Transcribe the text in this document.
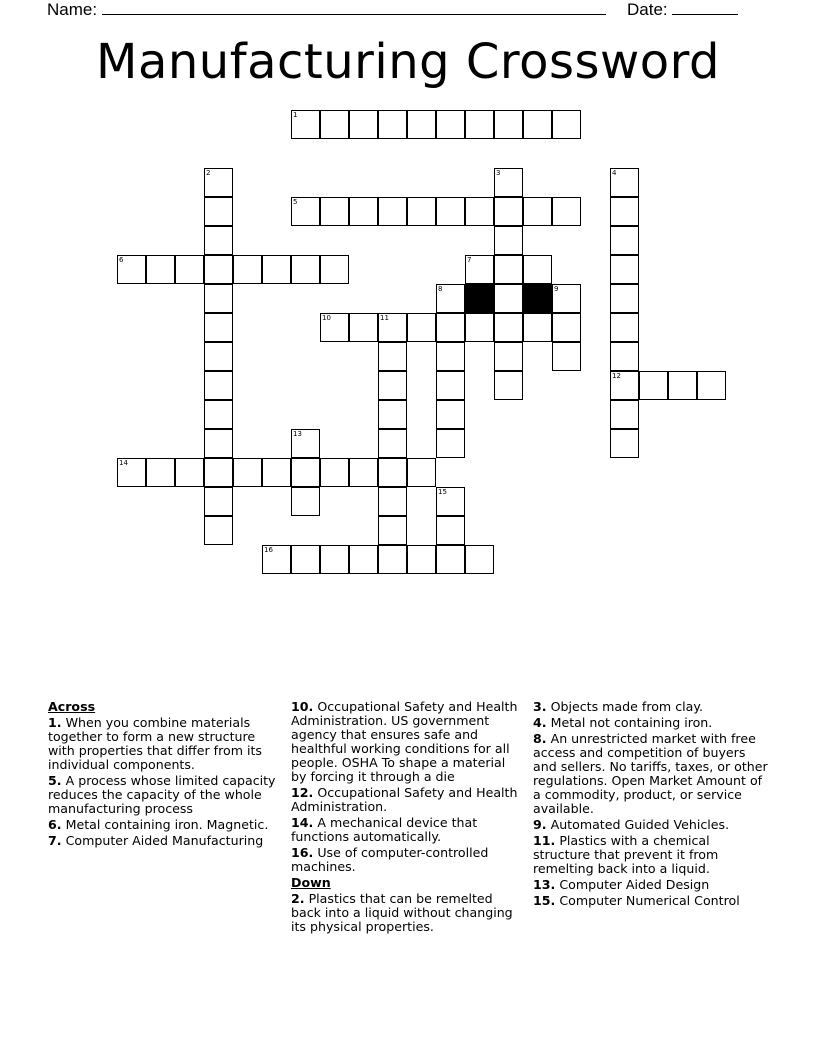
Name:	Date:
Manufacturing Crossword
1
2	3	4
5
6	7
8	9
10	11
12
13
14
15
16
Across
1. When you combine materials together to form a new structure with properties that differ from its individual components.
5. A process whose limited capacity reduces the capacity of the whole manufacturing process
6. Metal containing iron. Magnetic.
7. Computer Aided Manufacturing
10. Occupational Safety and Health Administration. US government agency that ensures safe and healthful working conditions for all people. OSHA To shape a material by forcing it through a die
12. Occupational Safety and Health Administration.
14. A mechanical device that functions automatically.
16. Use of computer-controlled machines.
Down
2. Plastics that can be remelted back into a liquid without changing its physical properties.
3. Objects made from clay.
4. Metal not containing iron.
8. An unrestricted market with free access and competition of buyers and sellers. No tariffs, taxes, or other regulations. Open Market Amount of a commodity, product, or service available.
9. Automated Guided Vehicles.
11. Plastics with a chemical structure that prevent it from remelting back into a liquid.
13. Computer Aided Design
15. Computer Numerical Control
